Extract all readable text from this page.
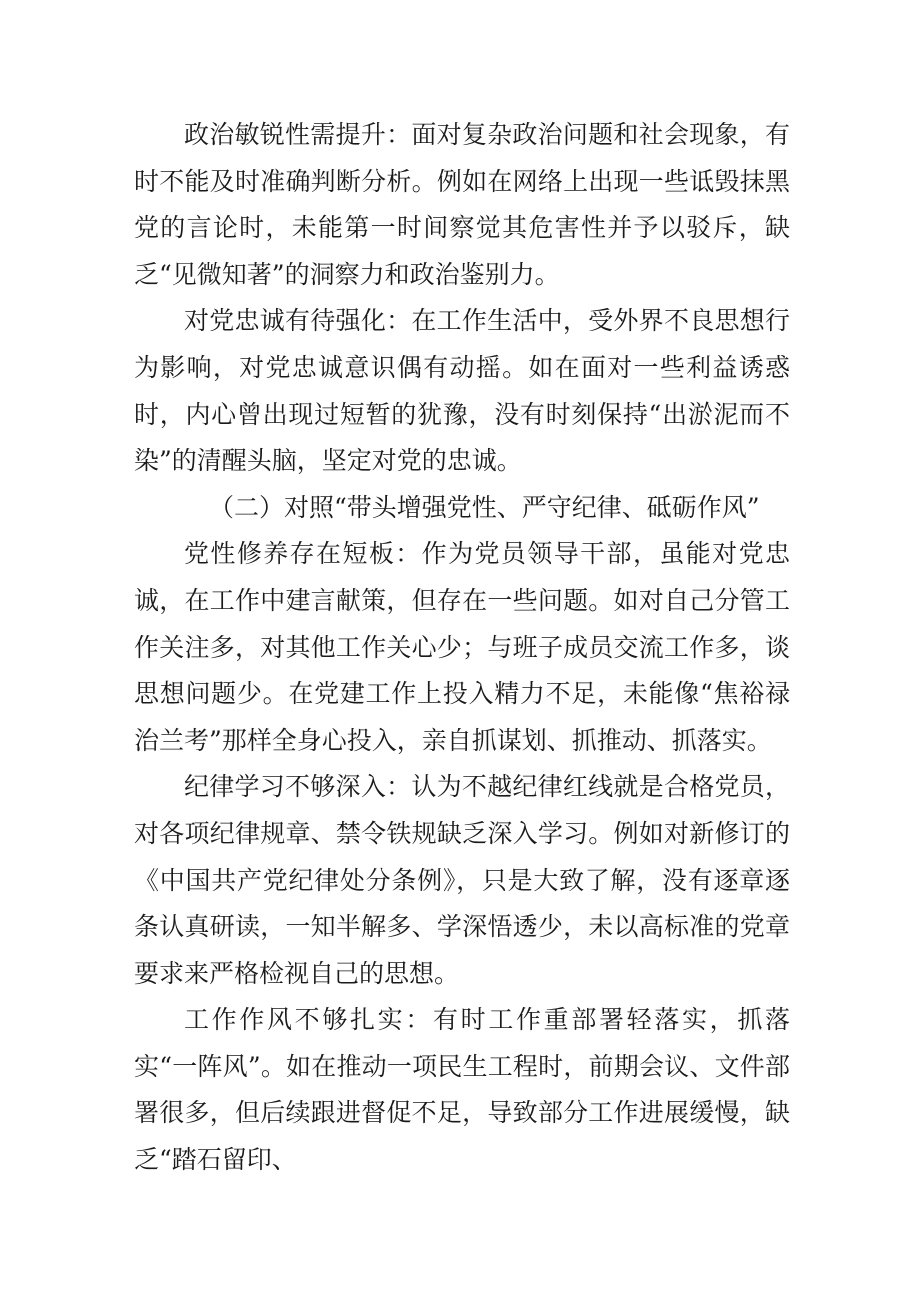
政治敏锐性需提升：面对复杂政治问题和社会现象，有时不能及时准确判断分析。例如在网络上出现一些诋毁抹黑党的言论时，未能第一时间察觉其危害性并予以驳斥，缺乏“见微知著”的洞察力和政治鉴别力。

对党忠诚有待强化：在工作生活中，受外界不良思想行为影响，对党忠诚意识偶有动摇。如在面对一些利益诱惑时，内心曾出现过短暂的犹豫，没有时刻保持“出淤泥而不染”的清醒头脑，坚定对党的忠诚。

（二）对照“带头增强党性、严守纪律、砥砺作风”

党性修养存在短板：作为党员领导干部，虽能对党忠诚，在工作中建言献策，但存在一些问题。如对自己分管工作关注多，对其他工作关心少；与班子成员交流工作多，谈思想问题少。在党建工作上投入精力不足，未能像“焦裕禄治兰考”那样全身心投入，亲自抓谋划、抓推动、抓落实。

纪律学习不够深入：认为不越纪律红线就是合格党员，对各项纪律规章、禁令铁规缺乏深入学习。例如对新修订的《中国共产党纪律处分条例》，只是大致了解，没有逐章逐条认真研读，一知半解多、学深悟透少，未以高标准的党章要求来严格检视自己的思想。

工作作风不够扎实：有时工作重部署轻落实，抓落实“一阵风”。如在推动一项民生工程时，前期会议、文件部署很多，但后续跟进督促不足，导致部分工作进展缓慢，缺乏“踏石留印、
